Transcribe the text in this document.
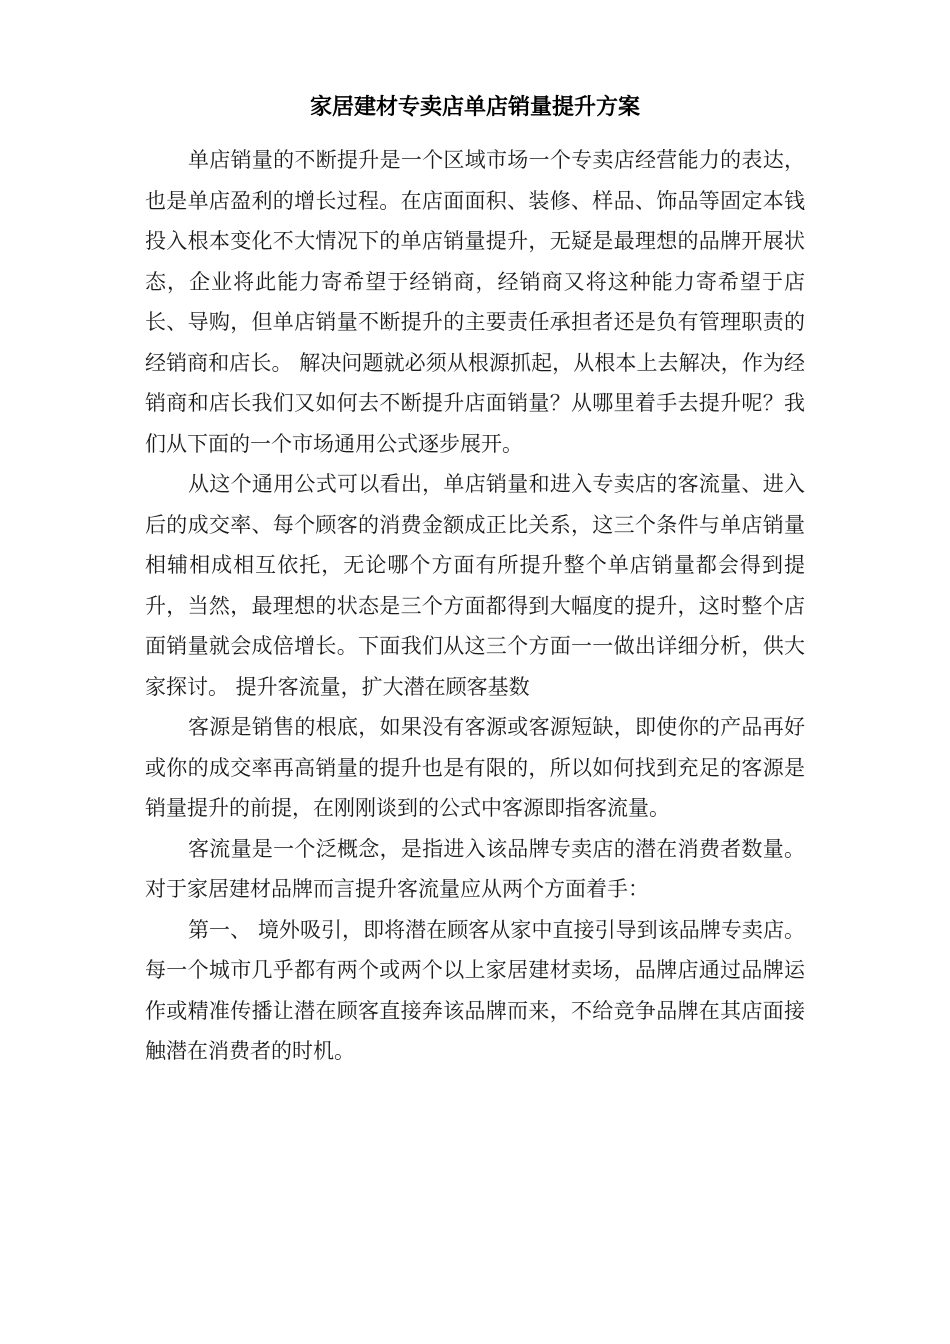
家居建材专卖店单店销量提升方案

单店销量的不断提升是一个区域市场一个专卖店经营能力的表达，也是单店盈利的增长过程。在店面面积、装修、样品、饰品等固定本钱投入根本变化不大情况下的单店销量提升，无疑是最理想的品牌开展状态，企业将此能力寄希望于经销商，经销商又将这种能力寄希望于店长、导购，但单店销量不断提升的主要责任承担者还是负有管理职责的经销商和店长。 解决问题就必须从根源抓起，从根本上去解决，作为经销商和店长我们又如何去不断提升店面销量？从哪里着手去提升呢？我们从下面的一个市场通用公式逐步展开。

从这个通用公式可以看出，单店销量和进入专卖店的客流量、进入后的成交率、每个顾客的消费金额成正比关系，这三个条件与单店销量相辅相成相互依托，无论哪个方面有所提升整个单店销量都会得到提升，当然，最理想的状态是三个方面都得到大幅度的提升，这时整个店面销量就会成倍增长。下面我们从这三个方面一一做出详细分析，供大家探讨。 提升客流量，扩大潜在顾客基数

客源是销售的根底，如果没有客源或客源短缺，即使你的产品再好或你的成交率再高销量的提升也是有限的，所以如何找到充足的客源是销量提升的前提，在刚刚谈到的公式中客源即指客流量。

客流量是一个泛概念，是指进入该品牌专卖店的潜在消费者数量。对于家居建材品牌而言提升客流量应从两个方面着手：

第一、 境外吸引，即将潜在顾客从家中直接引导到该品牌专卖店。每一个城市几乎都有两个或两个以上家居建材卖场，品牌店通过品牌运作或精准传播让潜在顾客直接奔该品牌而来，不给竞争品牌在其店面接触潜在消费者的时机。
